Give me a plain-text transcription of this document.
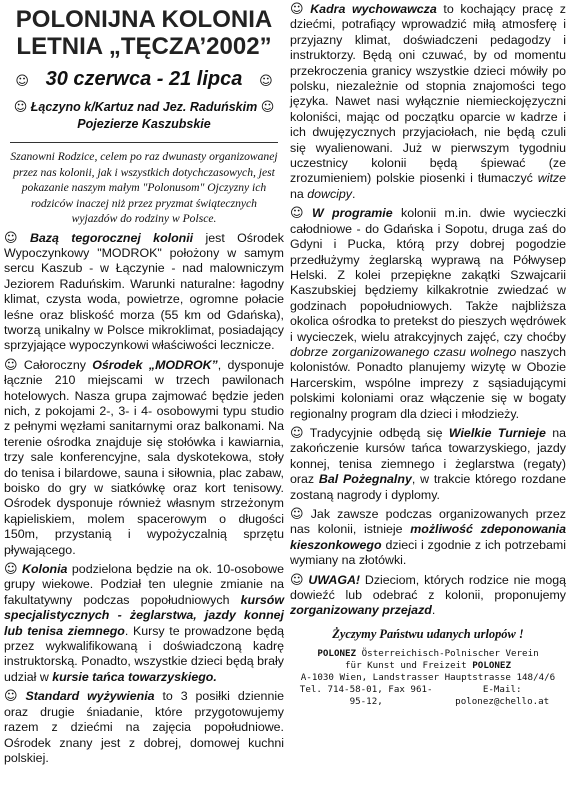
POLONIJNA KOLONIA
LETNIA „TĘCZA’2002”
☺ 30 czerwca - 21 lipca ☺
☺ Łączyno k/Kartuz nad Jez. Raduńskim ☺
Pojezierze Kaszubskie
Szanowni Rodzice, celem po raz dwunasty organizowanej przez nas kolonii, jak i wszystkich dotychczasowych, jest pokazanie naszym małym "Polonusom" Ojczyzny ich rodziców inaczej niż przez pryzmat świątecznych wyjazdów do rodziny w Polsce.

☺ Bazą tegorocznej kolonii jest Ośrodek Wypoczynkowy "MODROK" położony w samym sercu Kaszub - w Łączynie - nad malowniczym Jeziorem Raduńskim. Warunki naturalne: łagodny klimat, czysta woda, powietrze, ogromne połacie leśne oraz bliskość morza (55 km od Gdańska), tworzą unikalny w Polsce mikroklimat, posiadający sprzyjające wypoczynkowi właściwości lecznicze.

☺ Całoroczny Ośrodek „MODROK”, dysponuje łącznie 210 miejscami w trzech pawilonach hotelowych. Nasza grupa zajmować będzie jeden nich, z pokojami 2-, 3- i 4- osobowymi typu studio z pełnymi węzłami sanitarnymi oraz balkonami. Na terenie ośrodka znajduje się stołówka i kawiarnia, trzy sale konferencyjne, sala dyskotekowa, stoły do tenisa i bilardowe, sauna i siłownia, plac zabaw, boisko do gry w siatkówkę oraz kort tenisowy. Ośrodek dysponuje również własnym strzeżonym kąpieliskiem, molem spacerowym o długości 150m, przystanią i wypożyczalnią sprzętu pływającego.

☺ Kolonia podzielona będzie na ok. 10-osobowe grupy wiekowe. Podział ten ulegnie zmianie na fakultatywny podczas popołudniowych kursów specjalistycznych - żeglarstwa, jazdy konnej lub tenisa ziemnego. Kursy te prowadzone będą przez wykwalifikowaną i doświadczoną kadrę instruktorską. Ponadto, wszystkie dzieci będą brały udział w kursie tańca towarzyskiego.

☺ Standard wyżywienia to 3 posiłki dziennie oraz drugie śniadanie, które przygotowujemy razem z dziećmi na zajęcia popołudniowe. Ośrodek znany jest z dobrej, domowej kuchni polskiej.

☺ Kadra wychowawcza to kochający pracę z dziećmi, potrafiący wprowadzić miłą atmosferę i przyjazny klimat, doświadczeni pedagodzy i instruktorzy. Będą oni czuwać, by od momentu przekroczenia granicy wszystkie dzieci mówiły po polsku, niezależnie od stopnia znajomości tego języka. Nawet nasi wyłącznie niemieckojęzyczni koloniści, mając od początku oparcie w kadrze i ich dwujęzycznych przyjaciołach, nie będą czuli się wyalienowani. Już w pierwszym tygodniu uczestnicy kolonii będą śpiewać (ze zrozumieniem) polskie piosenki i tłumaczyć witze na dowcipy.

☺ W programie kolonii m.in. dwie wycieczki całodniowe - do Gdańska i Sopotu, druga zaś do Gdyni i Pucka, którą przy dobrej pogodzie przedłużymy żeglarską wyprawą na Półwysep Helski. Z kolei przepiękne zakątki Szwajcarii Kaszubskiej będziemy kilkakrotnie zwiedzać w godzinach popołudniowych. Także najbliższa okolica ośrodka to pretekst do pieszych wędrówek i wycieczek, wielu atrakcyjnych zajęć, czy choćby dobrze zorganizowanego czasu wolnego naszych kolonistów. Ponadto planujemy wizytę w Obozie Harcerskim, wspólne imprezy z sąsiadującymi polskimi koloniami oraz włączenie się w bogaty regionalny program dla dzieci i młodzieży.

☺ Tradycyjnie odbędą się Wielkie Turnieje na zakończenie kursów tańca towarzyskiego, jazdy konnej, tenisa ziemnego i żeglarstwa (regaty) oraz Bal Pożegnalny, w trakcie którego rozdane zostaną nagrody i dyplomy.

☺ Jak zawsze podczas organizowanych przez nas kolonii, istnieje możliwość zdeponowania kieszonkowego dzieci i zgodnie z ich potrzebami wymiany na złotówki.

☺ UWAGA! Dzieciom, których rodzice nie mogą dowieźć lub odebrać z kolonii, proponujemy zorganizowany przejazd.

Życzymy Państwu udanych urlopów !
POLONEZ Österreichisch-Polnischer Verein
für Kunst und Freizeit POLONEZ
A-1030 Wien, Landstrasser Hauptstrasse 148/4/6
Tel. 714-58-01, Fax 961-95-12,
E-Mail: polonez@chello.at
